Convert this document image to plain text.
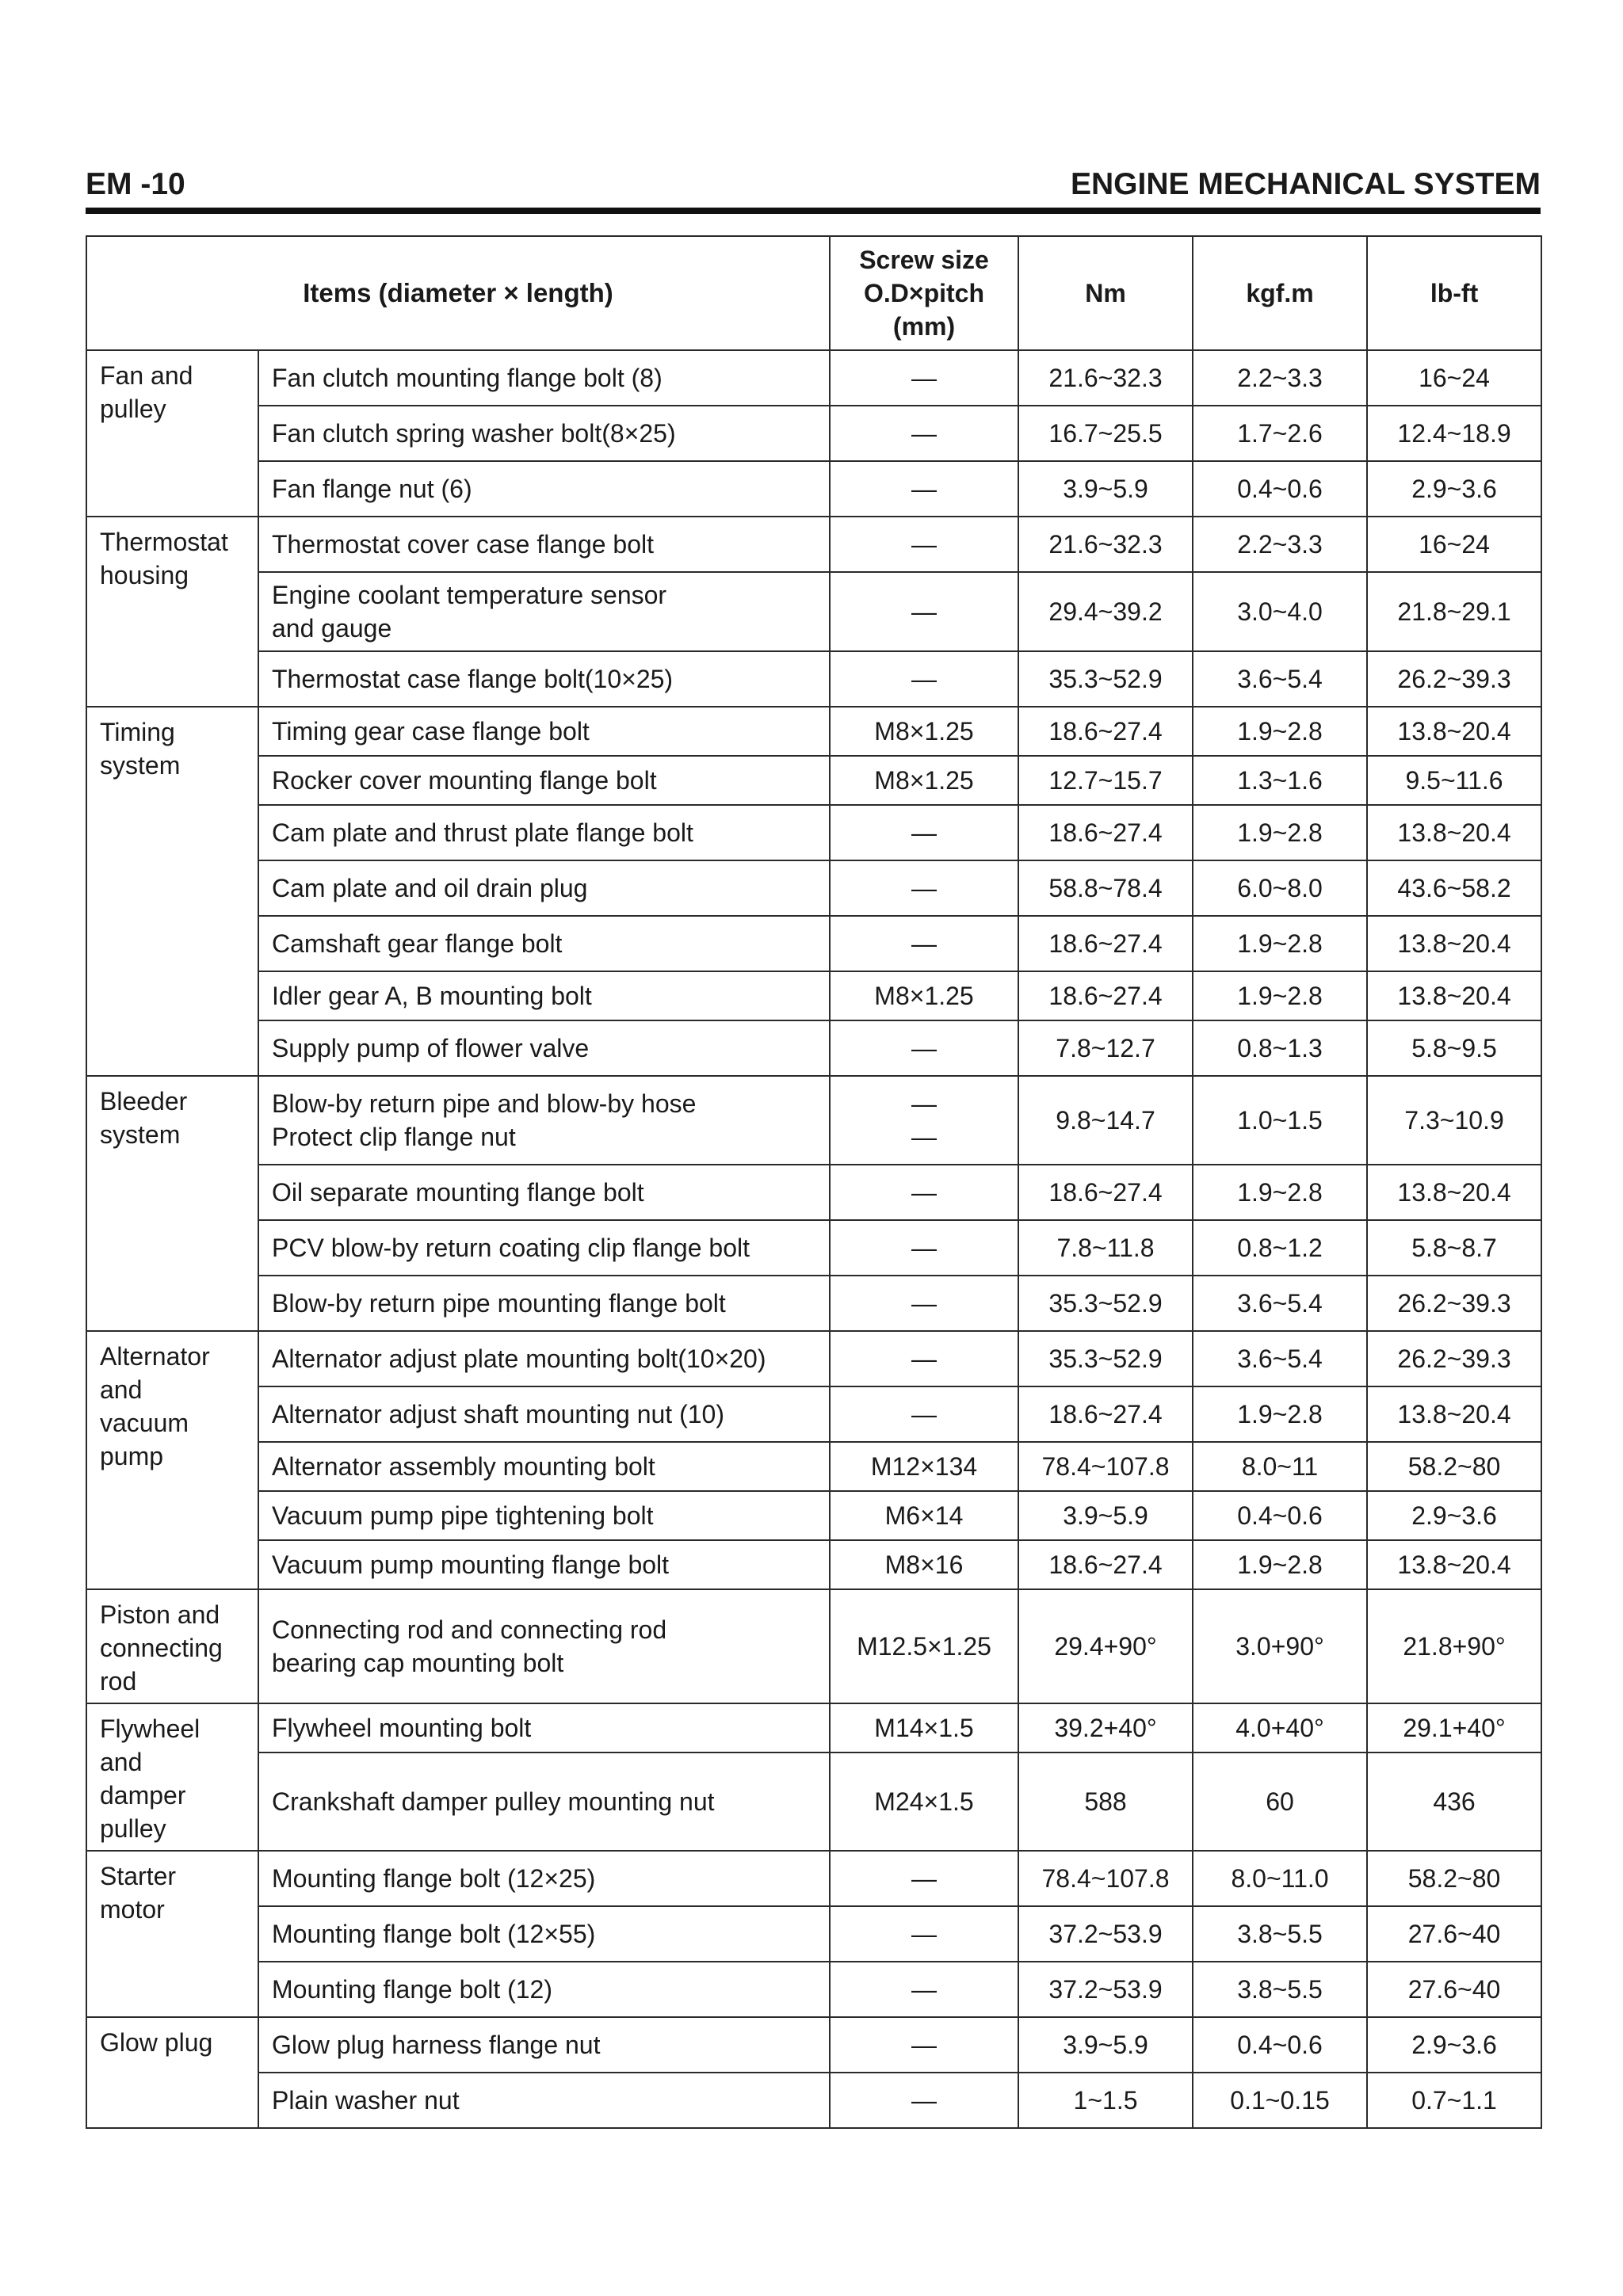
EM -10	ENGINE MECHANICAL SYSTEM
Items (diameter × length)		Screw size
O.D×pitch
(mm)	Nm	kgf.m	lb-ft
Fan and
pulley	Fan clutch mounting flange bolt (8)	—	21.6~32.3	2.2~3.3	16~24
	Fan clutch spring washer bolt(8×25)	—	16.7~25.5	1.7~2.6	12.4~18.9
	Fan flange nut (6)	—	3.9~5.9	0.4~0.6	2.9~3.6
Thermostat
housing	Thermostat cover case flange bolt	—	21.6~32.3	2.2~3.3	16~24
	Engine coolant temperature sensor
and gauge	—	29.4~39.2	3.0~4.0	21.8~29.1
	Thermostat case flange bolt(10×25)	—	35.3~52.9	3.6~5.4	26.2~39.3
Timing
system	Timing gear case flange bolt	M8×1.25	18.6~27.4	1.9~2.8	13.8~20.4
	Rocker cover mounting flange bolt	M8×1.25	12.7~15.7	1.3~1.6	9.5~11.6
	Cam plate and thrust plate flange bolt	—	18.6~27.4	1.9~2.8	13.8~20.4
	Cam plate and oil drain plug	—	58.8~78.4	6.0~8.0	43.6~58.2
	Camshaft gear flange bolt	—	18.6~27.4	1.9~2.8	13.8~20.4
	Idler gear A, B mounting bolt	M8×1.25	18.6~27.4	1.9~2.8	13.8~20.4
	Supply pump of flower valve	—	7.8~12.7	0.8~1.3	5.8~9.5
Bleeder
system	Blow-by return pipe and blow-by hose
Protect clip flange nut	—
—	9.8~14.7	1.0~1.5	7.3~10.9
	Oil separate mounting flange bolt	—	18.6~27.4	1.9~2.8	13.8~20.4
	PCV blow-by return coating clip flange bolt	—	7.8~11.8	0.8~1.2	5.8~8.7
	Blow-by return pipe mounting flange bolt	—	35.3~52.9	3.6~5.4	26.2~39.3
Alternator
and
vacuum
pump	Alternator adjust plate mounting bolt(10×20)	—	35.3~52.9	3.6~5.4	26.2~39.3
	Alternator adjust shaft mounting nut (10)	—	18.6~27.4	1.9~2.8	13.8~20.4
	Alternator assembly mounting bolt	M12×134	78.4~107.8	8.0~11	58.2~80
	Vacuum pump pipe tightening bolt	M6×14	3.9~5.9	0.4~0.6	2.9~3.6
	Vacuum pump mounting flange bolt	M8×16	18.6~27.4	1.9~2.8	13.8~20.4
Piston and
connecting
rod	Connecting rod and connecting rod
bearing cap mounting bolt	M12.5×1.25	29.4+90°	3.0+90°	21.8+90°
Flywheel
and
damper
pulley	Flywheel mounting bolt	M14×1.5	39.2+40°	4.0+40°	29.1+40°
	Crankshaft damper pulley mounting nut	M24×1.5	588	60	436
Starter
motor	Mounting flange bolt (12×25)	—	78.4~107.8	8.0~11.0	58.2~80
	Mounting flange bolt (12×55)	—	37.2~53.9	3.8~5.5	27.6~40
	Mounting flange bolt (12)	—	37.2~53.9	3.8~5.5	27.6~40
Glow plug	Glow plug harness flange nut	—	3.9~5.9	0.4~0.6	2.9~3.6
	Plain washer nut	—	1~1.5	0.1~0.15	0.7~1.1
